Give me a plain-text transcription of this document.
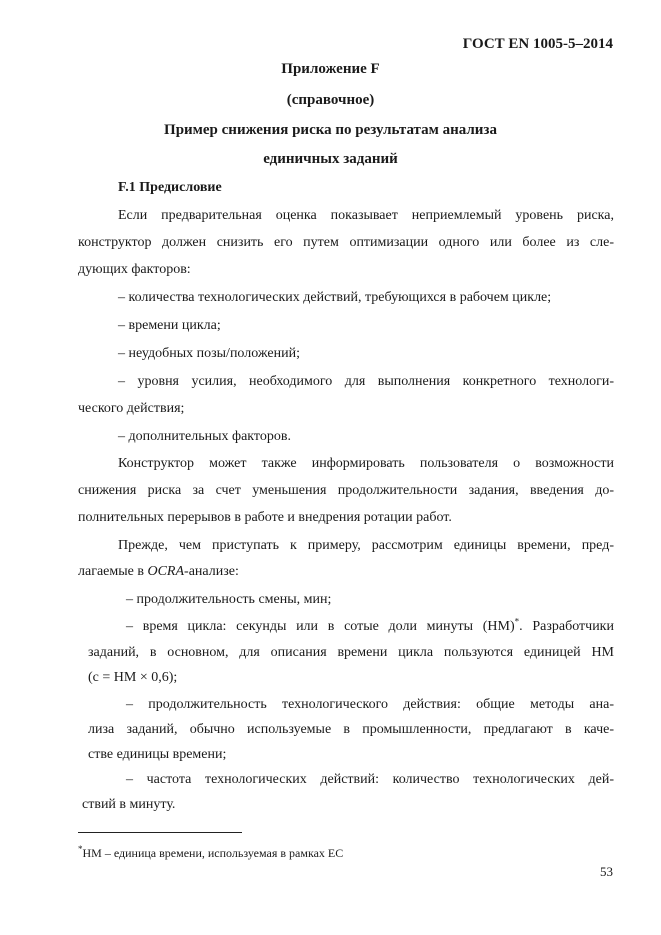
ГОСТ EN 1005-5–2014
Приложение F
(справочное)
Пример снижения риска по результатам анализа
единичных заданий
F.1 Предисловие
Если предварительная оценка показывает неприемлемый уровень риска,
конструктор должен снизить его путем оптимизации одного или более из сле-
дующих факторов:
– количества технологических действий, требующихся в рабочем цикле;
– времени цикла;
– неудобных позы/положений;
– уровня усилия, необходимого для выполнения конкретного технологи-
ческого действия;
– дополнительных факторов.
Конструктор может также информировать пользователя о возможности
снижения риска за счет уменьшения продолжительности задания, введения до-
полнительных перерывов в работе и внедрения ротации работ.
Прежде, чем приступать к примеру, рассмотрим единицы времени, пред-
лагаемые в OCRA-анализе:
– продолжительность смены, мин;
– время цикла: секунды или в сотые доли минуты (НМ)*. Разработчики
заданий, в основном, для описания времени цикла пользуются единицей НМ
(с = НМ × 0,6);
– продолжительность технологического действия: общие методы ана-
лиза заданий, обычно используемые в промышленности, предлагают в каче-
стве единицы времени;
– частота технологических действий: количество технологических дей-
ствий в минуту.
*НМ – единица времени, используемая в рамках ЕС
53
